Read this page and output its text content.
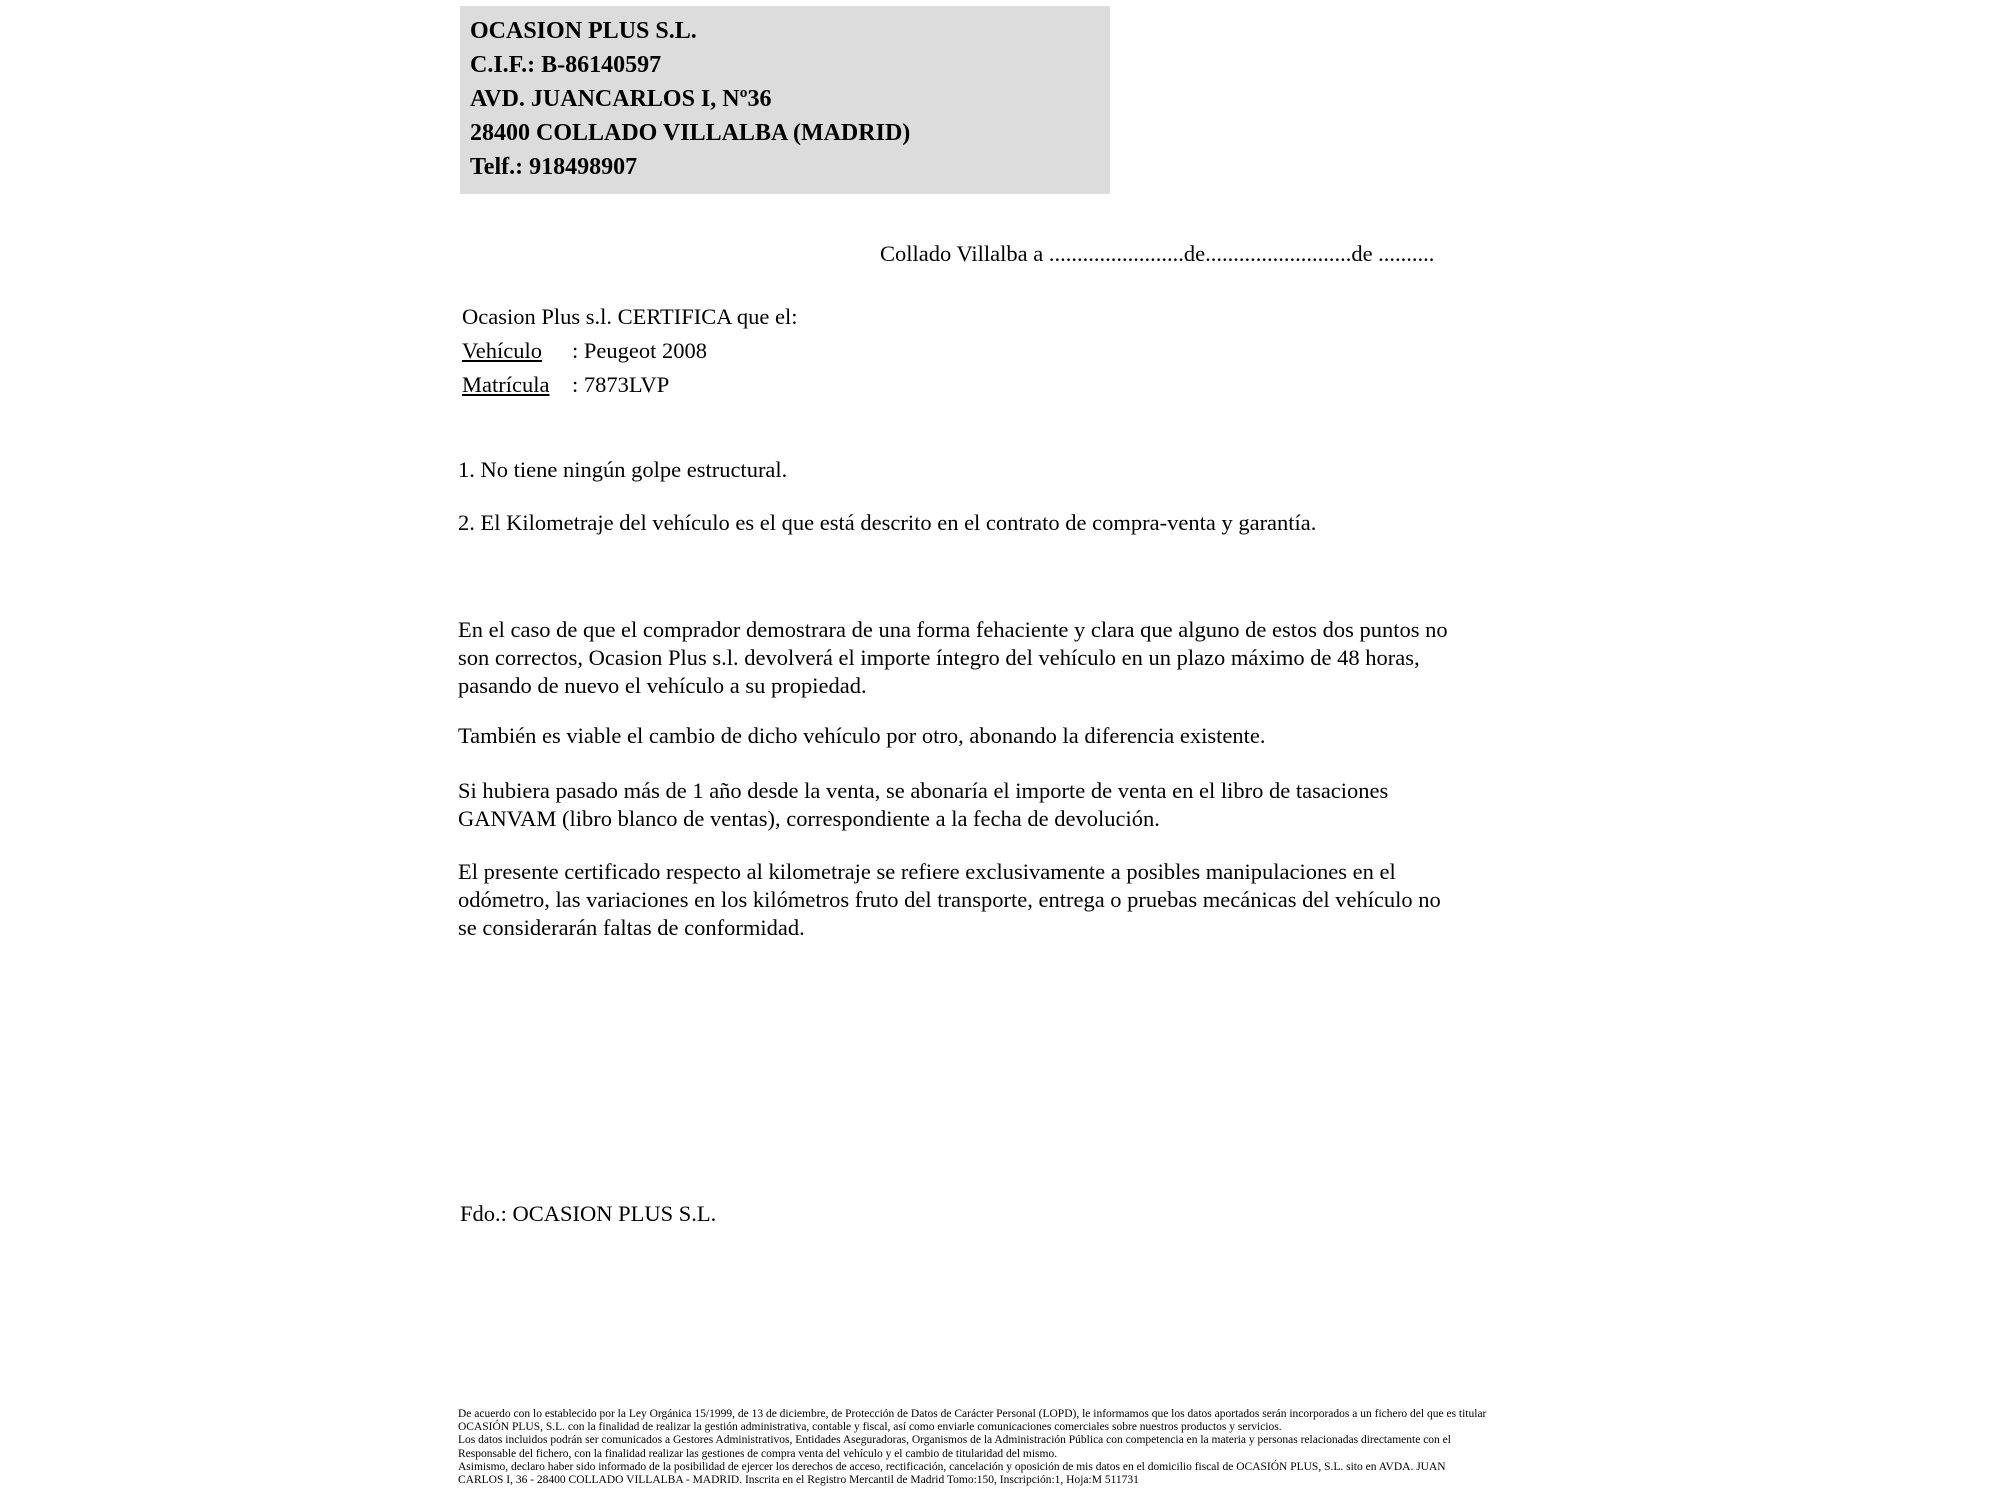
OCASION PLUS S.L.
C.I.F.: B-86140597
AVD. JUANCARLOS I, Nº36
28400 COLLADO VILLALBA (MADRID)
Telf.: 918498907
Collado Villalba a ........................de..........................de ..........
Ocasion Plus s.l. CERTIFICA que el:
Vehículo : Peugeot 2008
Matrícula : 7873LVP
1. No tiene ningún golpe estructural.
2. El Kilometraje del vehículo es el que está descrito en el contrato de compra-venta y garantía.
En el caso de que el comprador demostrara de una forma fehaciente y clara que alguno de estos dos puntos no
son correctos, Ocasion Plus s.l. devolverá el importe íntegro del vehículo en un plazo máximo de 48 horas,
pasando de nuevo el vehículo a su propiedad.
También es viable el cambio de dicho vehículo por otro, abonando la diferencia existente.
Si hubiera pasado más de 1 año desde la venta, se abonaría el importe de venta en el libro de tasaciones
GANVAM (libro blanco de ventas), correspondiente a la fecha de devolución.
El presente certificado respecto al kilometraje se refiere exclusivamente a posibles manipulaciones en el
odómetro, las variaciones en los kilómetros fruto del transporte, entrega o pruebas mecánicas del vehículo no
se considerarán faltas de conformidad.
Fdo.: OCASION PLUS S.L.
De acuerdo con lo establecido por la Ley Orgánica 15/1999, de 13 de diciembre, de Protección de Datos de Carácter Personal (LOPD), le informamos que los datos aportados serán incorporados a un fichero del que es titular
OCASIÓN PLUS, S.L. con la finalidad de realizar la gestión administrativa, contable y fiscal, así como enviarle comunicaciones comerciales sobre nuestros productos y servicios.
Los datos incluidos podrán ser comunicados a Gestores Administrativos, Entidades Aseguradoras, Organismos de la Administración Pública con competencia en la materia y personas relacionadas directamente con el
Responsable del fichero, con la finalidad realizar las gestiones de compra venta del vehículo y el cambio de titularidad del mismo.
Asimismo, declaro haber sido informado de la posibilidad de ejercer los derechos de acceso, rectificación, cancelación y oposición de mis datos en el domicilio fiscal de OCASIÓN PLUS, S.L. sito en AVDA. JUAN
CARLOS I, 36 - 28400 COLLADO VILLALBA - MADRID. Inscrita en el Registro Mercantil de Madrid Tomo:150, Inscripción:1, Hoja:M 511731
